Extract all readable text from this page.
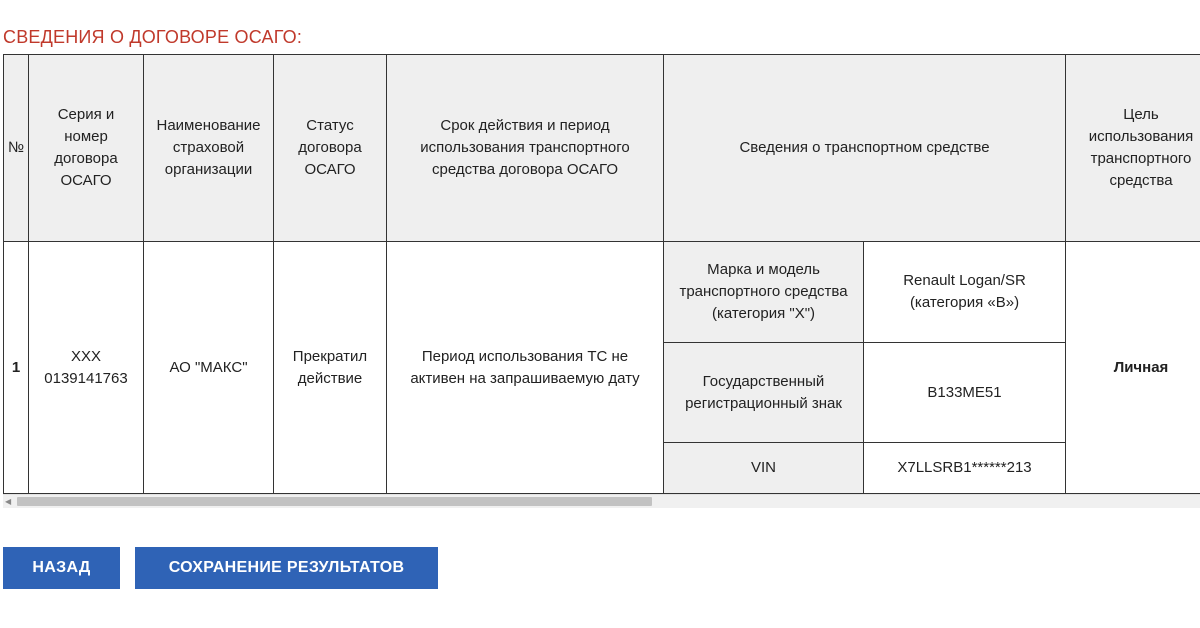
СВЕДЕНИЯ О ДОГОВОРЕ ОСАГО:
№	Серия и номер договора ОСАГО	Наименование страховой организации	Статус договора ОСАГО	Срок действия и период использования транспортного средства договора ОСАГО	Сведения о транспортном средстве		Цель использования транспортного средства
1	XXX 0139141763	АО "МАКС"	Прекратил действие	Период использования ТС не активен на запрашиваемую дату	Марка и модель транспортного средства (категория "X")	Renault Logan/SR (категория «B»)	Личная
					Государственный регистрационный знак	B133ME51	
					VIN	X7LLSRB1******213	
◀
НАЗАД	СОХРАНЕНИЕ РЕЗУЛЬТАТОВ
